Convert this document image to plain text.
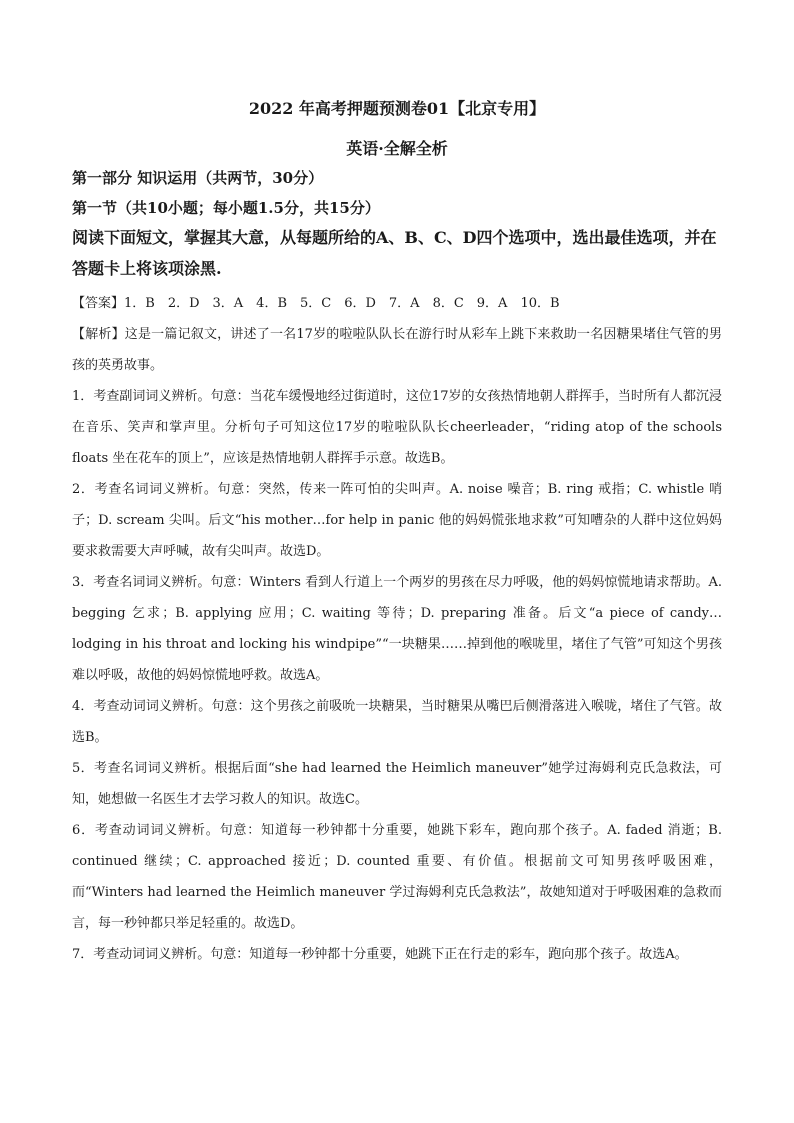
2022 年高考押题预测卷01【北京专用】

英语·全解全析

第一部分 知识运用（共两节，30分）

第一节（共10小题；每小题1.5分，共15分）

阅读下面短文，掌握其大意，从每题所给的A、B、C、D四个选项中，选出最佳选项，并在答题卡上将该项涂黑.

【答案】1．B　2．D　3．A　4．B　5．C　6．D　7．A　8．C　9．A　10．B

【解析】这是一篇记叙文，讲述了一名17岁的啦啦队队长在游行时从彩车上跳下来救助一名因糖果堵住气管的男孩的英勇故事。

1．考查副词词义辨析。句意：当花车缓慢地经过街道时，这位17岁的女孩热情地朝人群挥手，当时所有人都沉浸在音乐、笑声和掌声里。分析句子可知这位17岁的啦啦队队长cheerleader，“riding atop of the schools floats 坐在花车的顶上”，应该是热情地朝人群挥手示意。故选B。

2．考查名词词义辨析。句意：突然，传来一阵可怕的尖叫声。A. noise 噪音；B. ring 戒指；C. whistle 哨子；D. scream 尖叫。后文“his mother…for help in panic 他的妈妈慌张地求救”可知嘈杂的人群中这位妈妈要求救需要大声呼喊，故有尖叫声。故选D。

3．考查名词词义辨析。句意：Winters 看到人行道上一个两岁的男孩在尽力呼吸，他的妈妈惊慌地请求帮助。A. begging 乞求；B. applying 应用；C. waiting 等待；D. preparing 准备。后文“a piece of candy…lodging in his throat and locking his windpipe”“一块糖果……掉到他的喉咙里，堵住了气管”可知这个男孩难以呼吸，故他的妈妈惊慌地呼救。故选A。

4．考查动词词义辨析。句意：这个男孩之前吸吮一块糖果，当时糖果从嘴巴后侧滑落进入喉咙，堵住了气管。故选B。

5．考查名词词义辨析。根据后面“she had learned the Heimlich maneuver”她学过海姆利克氏急救法，可知，她想做一名医生才去学习救人的知识。故选C。

6．考查动词词义辨析。句意：知道每一秒钟都十分重要，她跳下彩车，跑向那个孩子。A. faded 消逝；B. continued 继续；C. approached 接近；D. counted 重要、有价值。根据前文可知男孩呼吸困难，而“Winters had learned the Heimlich maneuver 学过海姆利克氏急救法”，故她知道对于呼吸困难的急救而言，每一秒钟都只举足轻重的。故选D。

7．考查动词词义辨析。句意：知道每一秒钟都十分重要，她跳下正在行走的彩车，跑向那个孩子。故选A。
